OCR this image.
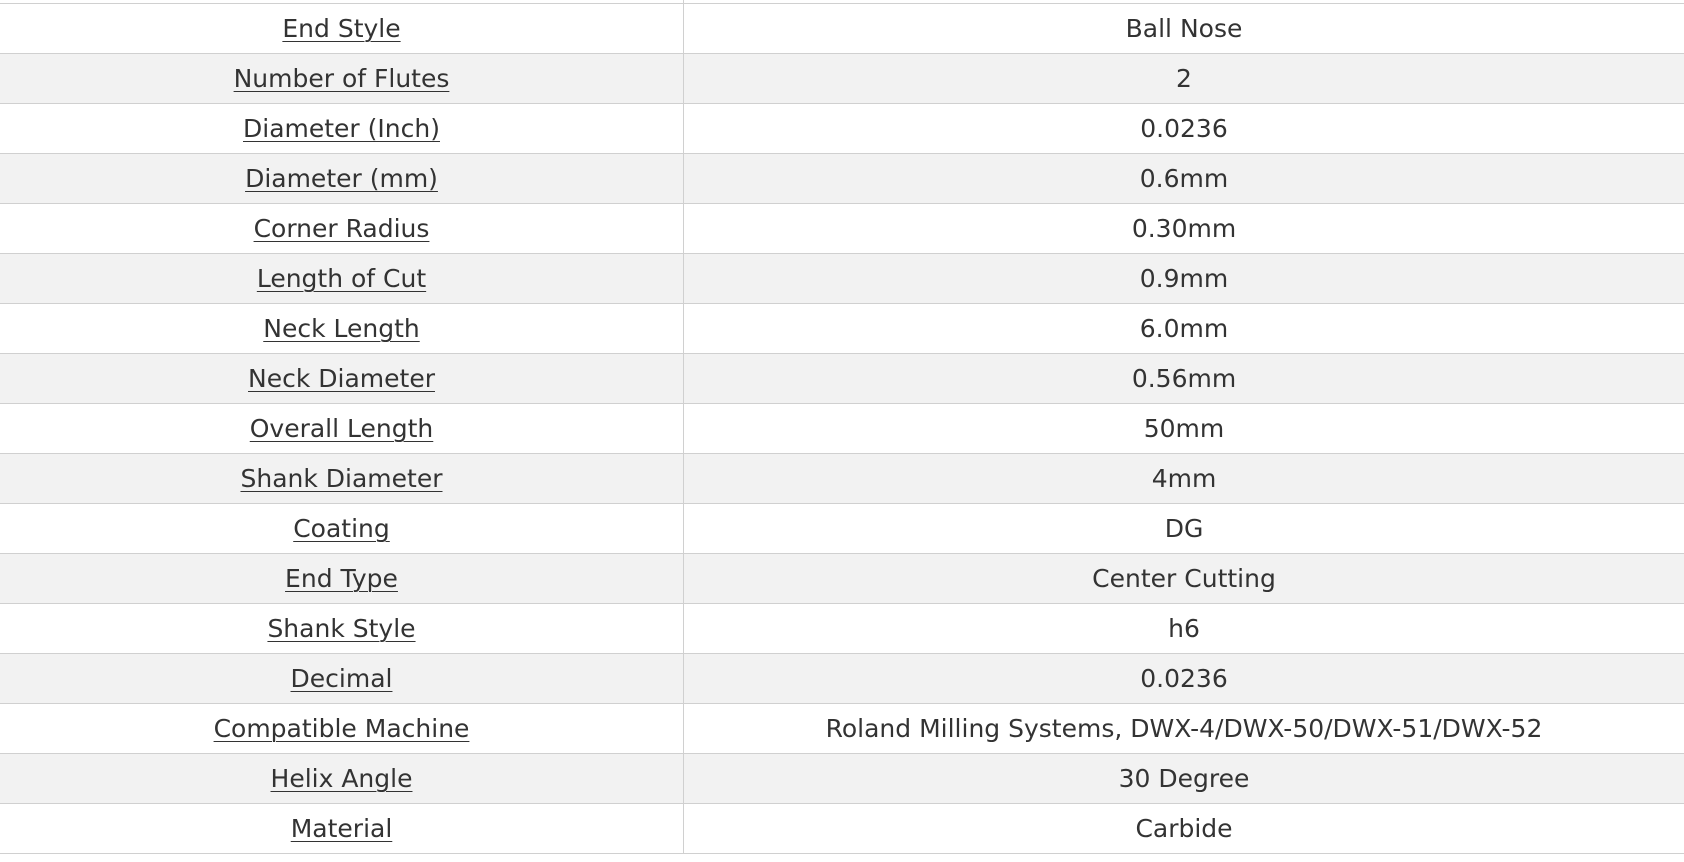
End Style	Ball Nose
Number of Flutes	2
Diameter (Inch)	0.0236
Diameter (mm)	0.6mm
Corner Radius	0.30mm
Length of Cut	0.9mm
Neck Length	6.0mm
Neck Diameter	0.56mm
Overall Length	50mm
Shank Diameter	4mm
Coating	DG
End Type	Center Cutting
Shank Style	h6
Decimal	0.0236
Compatible Machine	Roland Milling Systems, DWX-4/DWX-50/DWX-51/DWX-52
Helix Angle	30 Degree
Material	Carbide
